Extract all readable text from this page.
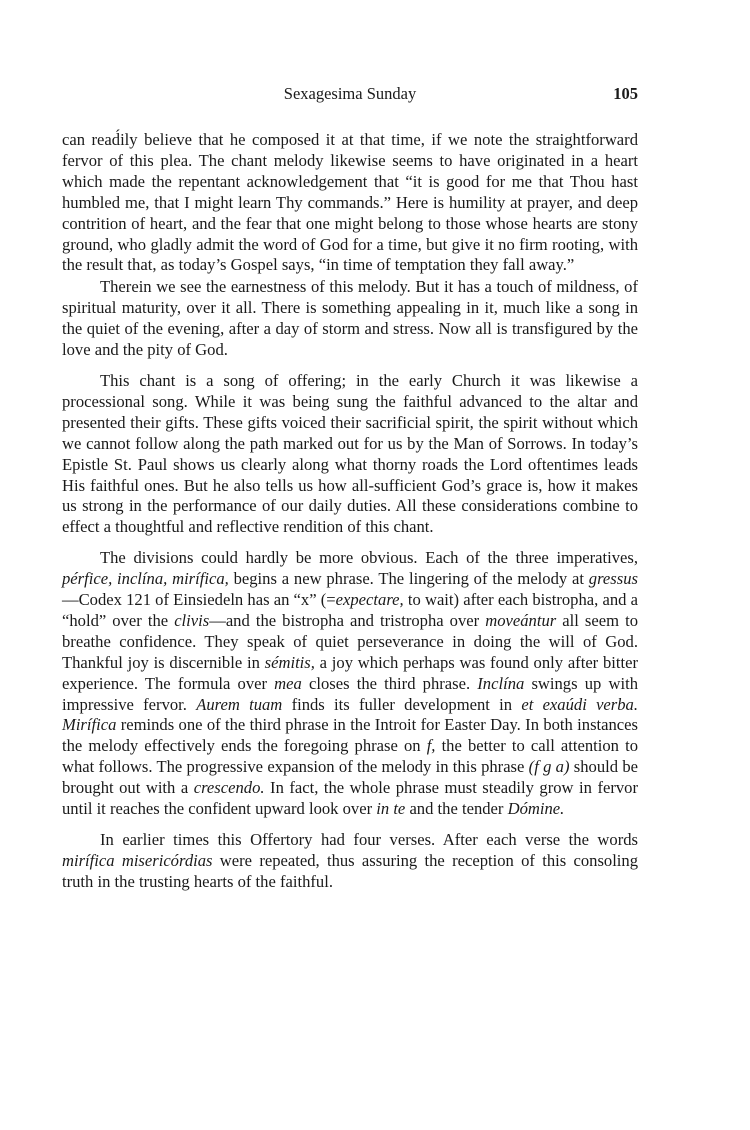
Sexagesima Sunday	105

can read́ily believe that he composed it at that time, if we note the straightforward fervor of this plea. The chant melody likewise seems to have originated in a heart which made the repentant acknowledgement that “it is good for me that Thou hast humbled me, that I might learn Thy commands.” Here is humility at prayer, and deep contrition of heart, and the fear that one might belong to those whose hearts are stony ground, who gladly admit the word of God for a time, but give it no firm rooting, with the result that, as today’s Gospel says, “in time of temptation they fall away.”

Therein we see the earnestness of this melody. But it has a touch of mildness, of spiritual maturity, over it all. There is something appealing in it, much like a song in the quiet of the evening, after a day of storm and stress. Now all is transfigured by the love and the pity of God.

This chant is a song of offering; in the early Church it was likewise a processional song. While it was being sung the faithful advanced to the altar and presented their gifts. These gifts voiced their sacrificial spirit, the spirit without which we cannot follow along the path marked out for us by the Man of Sorrows. In today’s Epistle St. Paul shows us clearly along what thorny roads the Lord oftentimes leads His faithful ones. But he also tells us how all-sufficient God’s grace is, how it makes us strong in the performance of our daily duties. All these considerations combine to effect a thoughtful and reflective rendition of this chant.

The divisions could hardly be more obvious. Each of the three imperatives, pérfice, inclína, mirífica, begins a new phrase. The lingering of the melody at gressus—Codex 121 of Einsiedeln has an “x” (=expectare, to wait) after each bistropha, and a “hold” over the clivis—and the bistropha and tristropha over moveántur all seem to breathe confidence. They speak of quiet perseverance in doing the will of God. Thankful joy is discernible in sémitis, a joy which perhaps was found only after bitter experience. The formula over mea closes the third phrase. Inclína swings up with impressive fervor. Aurem tuam finds its fuller development in et exaúdi verba. Mirífica reminds one of the third phrase in the Introit for Easter Day. In both instances the melody effectively ends the foregoing phrase on f, the better to call attention to what follows. The progressive expansion of the melody in this phrase (f g a) should be brought out with a crescendo. In fact, the whole phrase must steadily grow in fervor until it reaches the confident upward look over in te and the tender Dómine.

In earlier times this Offertory had four verses. After each verse the words mirífica misericórdias were repeated, thus assuring the reception of this consoling truth in the trusting hearts of the faithful.
